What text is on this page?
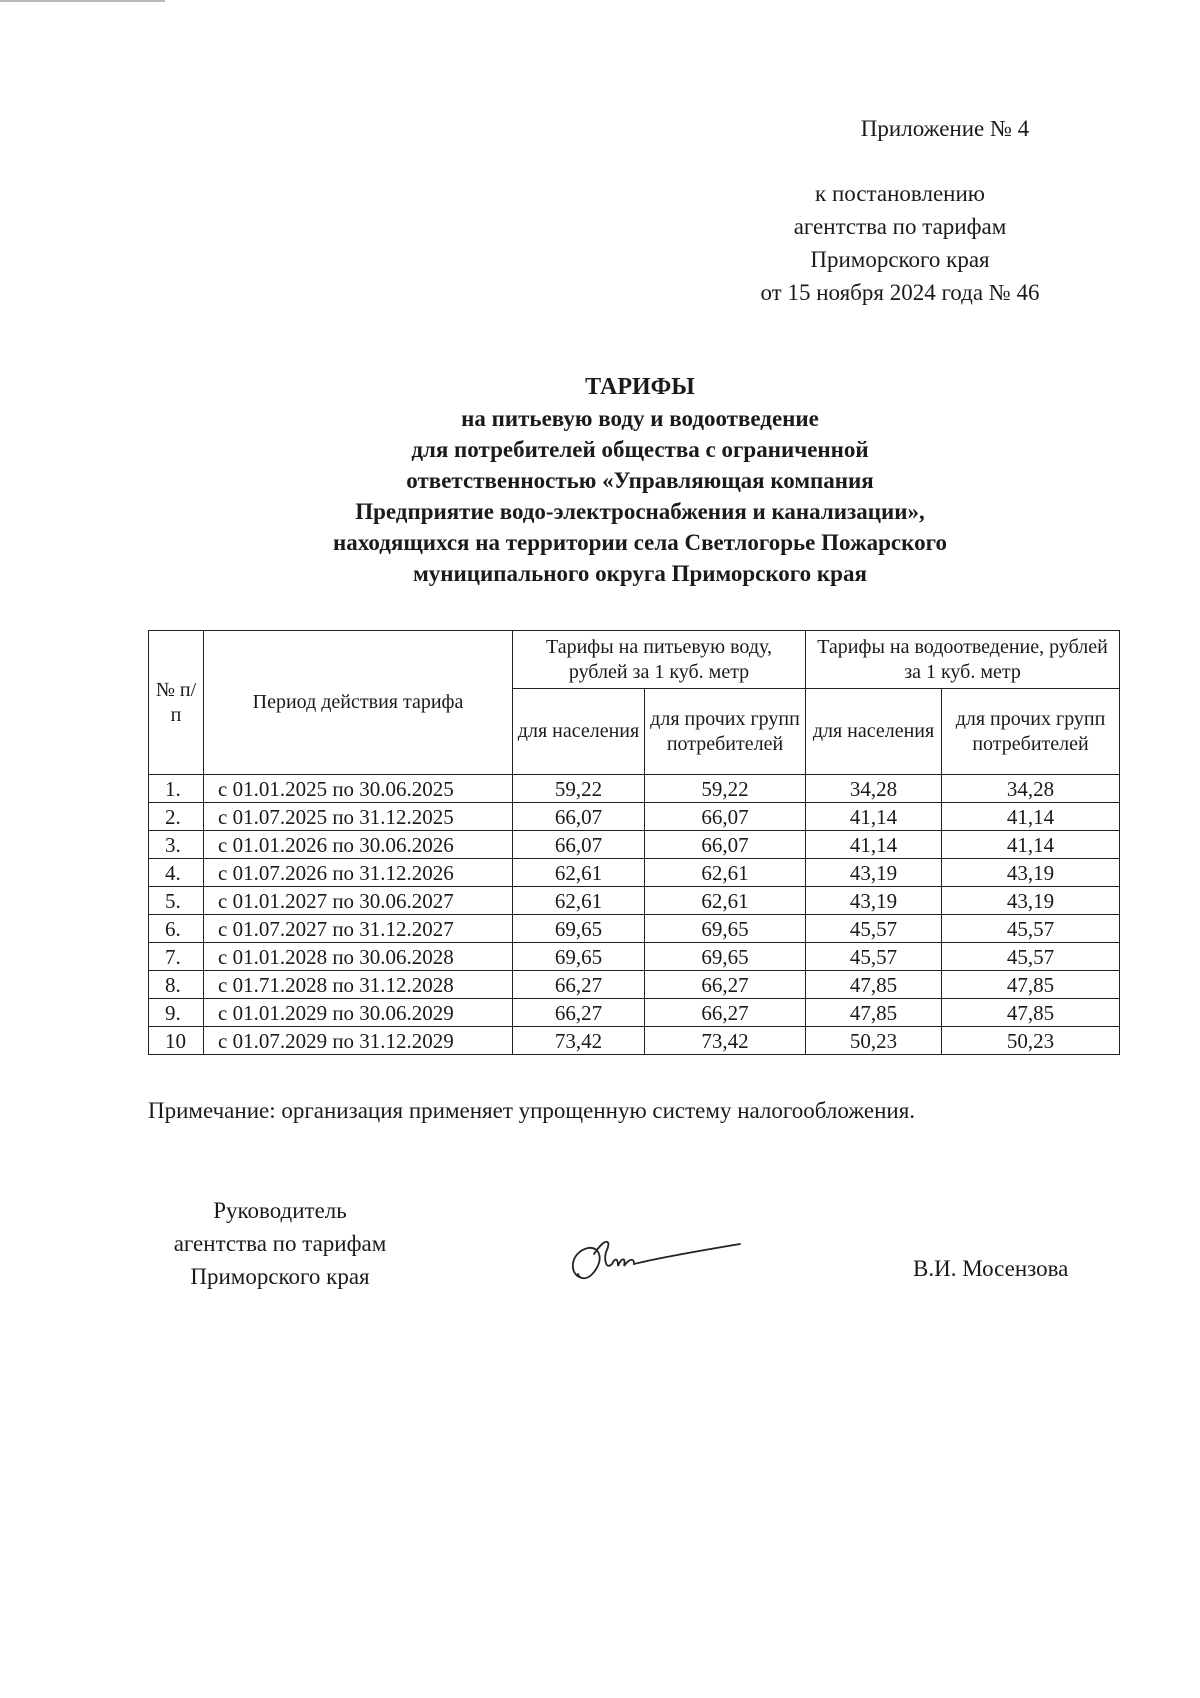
Приложение № 4
к постановлению
агентства по тарифам
Приморского края
от 15 ноября 2024 года № 46
ТАРИФЫ
на питьевую воду и водоотведение
для потребителей общества с ограниченной
ответственностью «Управляющая компания
Предприятие водо-электроснабжения и канализации»,
находящихся на территории села Светлогорье Пожарского
муниципального округа Приморского края
№ п/п	Период действия тарифа	Тарифы на питьевую воду, рублей за 1 куб. метр		Тарифы на водоотведение, рублей за 1 куб. метр	
		для населения	для прочих групп потребителей	для населения	для прочих групп потребителей
1.	с 01.01.2025 по 30.06.2025	59,22	59,22	34,28	34,28
2.	с 01.07.2025 по 31.12.2025	66,07	66,07	41,14	41,14
3.	с 01.01.2026 по 30.06.2026	66,07	66,07	41,14	41,14
4.	с 01.07.2026 по 31.12.2026	62,61	62,61	43,19	43,19
5.	с 01.01.2027 по 30.06.2027	62,61	62,61	43,19	43,19
6.	с 01.07.2027 по 31.12.2027	69,65	69,65	45,57	45,57
7.	с 01.01.2028 по 30.06.2028	69,65	69,65	45,57	45,57
8.	с 01.71.2028 по 31.12.2028	66,27	66,27	47,85	47,85
9.	с 01.01.2029 по 30.06.2029	66,27	66,27	47,85	47,85
10	с 01.07.2029 по 31.12.2029	73,42	73,42	50,23	50,23
Примечание: организация применяет упрощенную систему налогообложения.
Руководитель
агентства по тарифам
Приморского края	В.И. Мосензова
